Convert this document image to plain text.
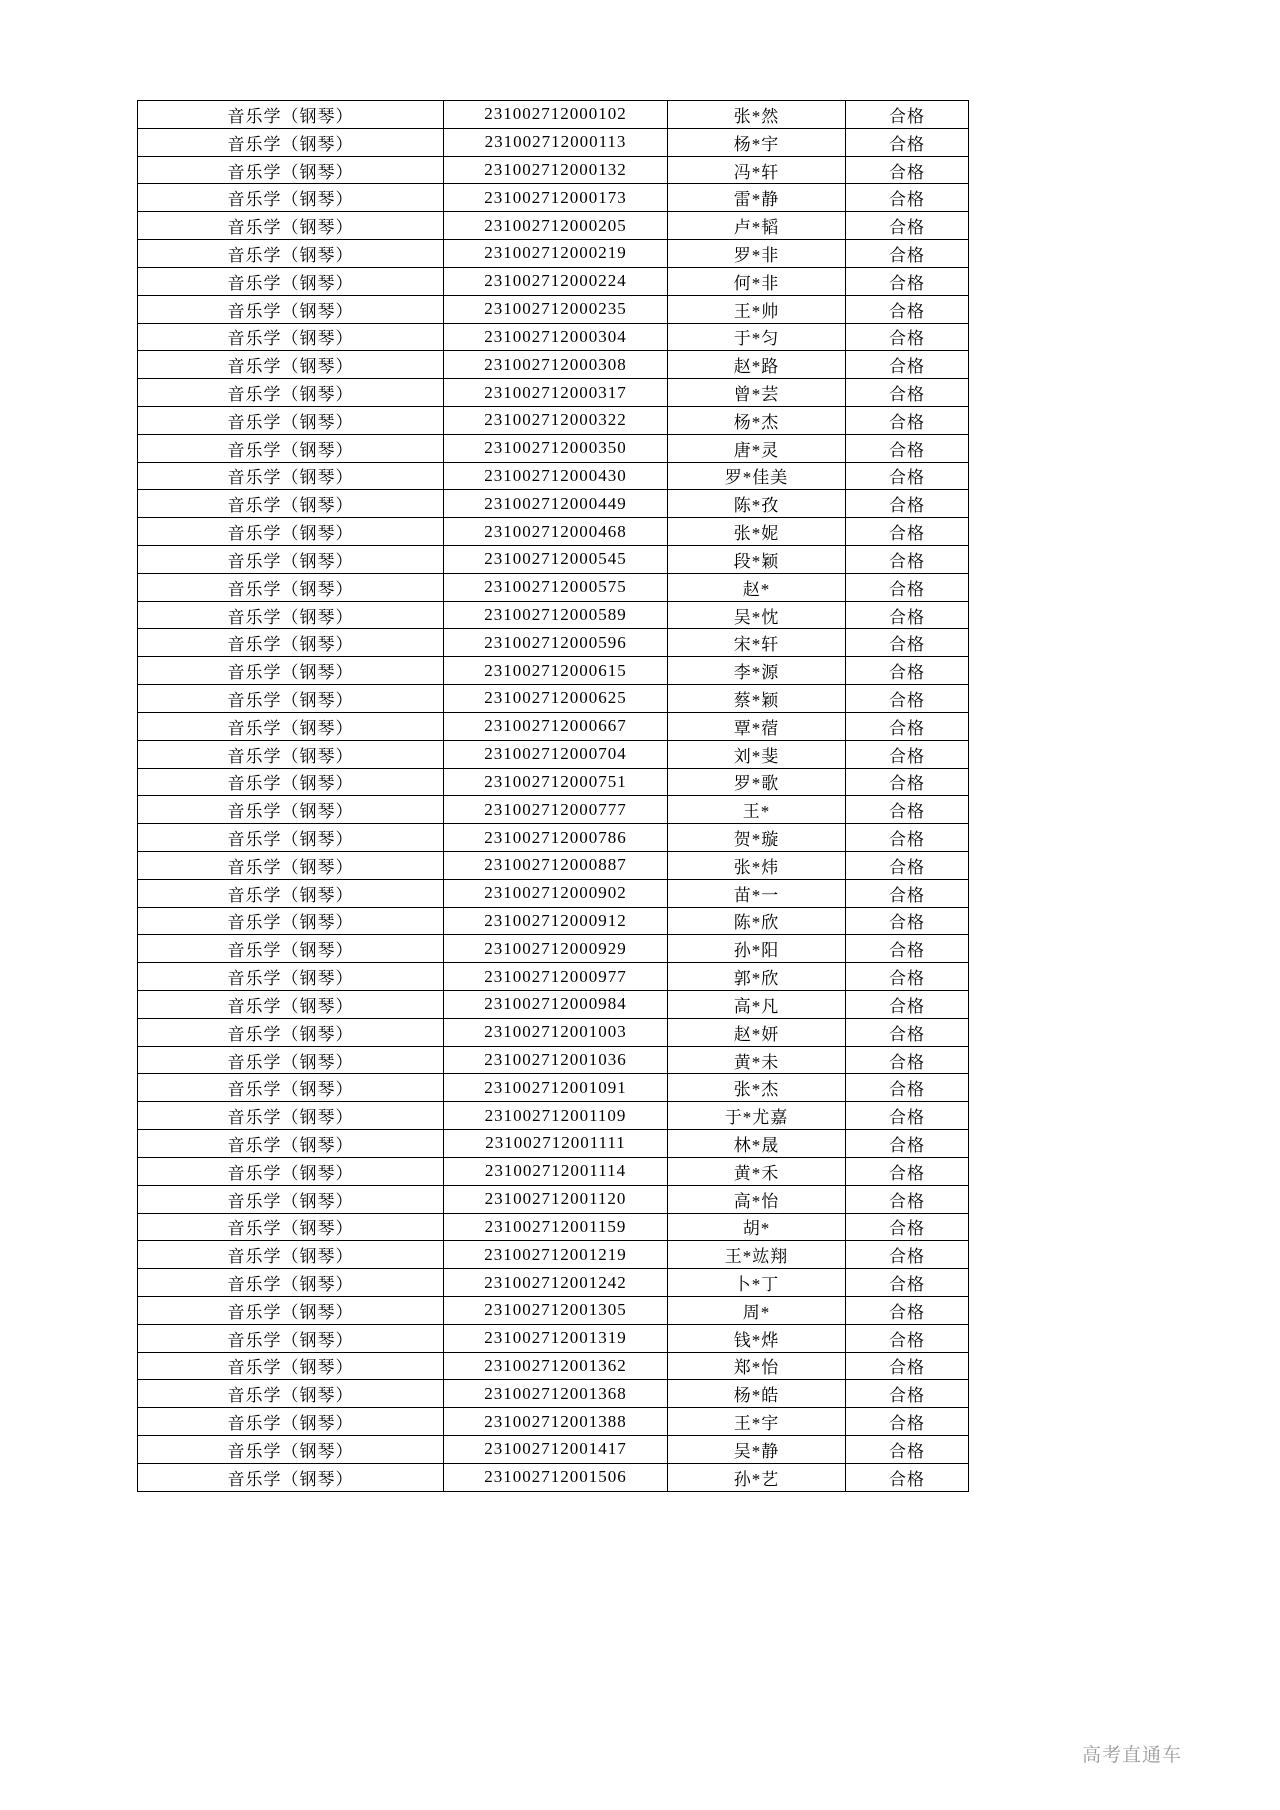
音乐学（钢琴）	231002712000102	张*然	合格
音乐学（钢琴）	231002712000113	杨*宇	合格
音乐学（钢琴）	231002712000132	冯*轩	合格
音乐学（钢琴）	231002712000173	雷*静	合格
音乐学（钢琴）	231002712000205	卢*韬	合格
音乐学（钢琴）	231002712000219	罗*非	合格
音乐学（钢琴）	231002712000224	何*非	合格
音乐学（钢琴）	231002712000235	王*帅	合格
音乐学（钢琴）	231002712000304	于*匀	合格
音乐学（钢琴）	231002712000308	赵*路	合格
音乐学（钢琴）	231002712000317	曾*芸	合格
音乐学（钢琴）	231002712000322	杨*杰	合格
音乐学（钢琴）	231002712000350	唐*灵	合格
音乐学（钢琴）	231002712000430	罗*佳美	合格
音乐学（钢琴）	231002712000449	陈*孜	合格
音乐学（钢琴）	231002712000468	张*妮	合格
音乐学（钢琴）	231002712000545	段*颖	合格
音乐学（钢琴）	231002712000575	赵*	合格
音乐学（钢琴）	231002712000589	吴*忱	合格
音乐学（钢琴）	231002712000596	宋*轩	合格
音乐学（钢琴）	231002712000615	李*源	合格
音乐学（钢琴）	231002712000625	蔡*颖	合格
音乐学（钢琴）	231002712000667	覃*蓿	合格
音乐学（钢琴）	231002712000704	刘*斐	合格
音乐学（钢琴）	231002712000751	罗*歌	合格
音乐学（钢琴）	231002712000777	王*	合格
音乐学（钢琴）	231002712000786	贺*璇	合格
音乐学（钢琴）	231002712000887	张*炜	合格
音乐学（钢琴）	231002712000902	苗*一	合格
音乐学（钢琴）	231002712000912	陈*欣	合格
音乐学（钢琴）	231002712000929	孙*阳	合格
音乐学（钢琴）	231002712000977	郭*欣	合格
音乐学（钢琴）	231002712000984	高*凡	合格
音乐学（钢琴）	231002712001003	赵*妍	合格
音乐学（钢琴）	231002712001036	黄*未	合格
音乐学（钢琴）	231002712001091	张*杰	合格
音乐学（钢琴）	231002712001109	于*尤嘉	合格
音乐学（钢琴）	231002712001111	林*晟	合格
音乐学（钢琴）	231002712001114	黄*禾	合格
音乐学（钢琴）	231002712001120	高*怡	合格
音乐学（钢琴）	231002712001159	胡*	合格
音乐学（钢琴）	231002712001219	王*竑翔	合格
音乐学（钢琴）	231002712001242	卜*丁	合格
音乐学（钢琴）	231002712001305	周*	合格
音乐学（钢琴）	231002712001319	钱*烨	合格
音乐学（钢琴）	231002712001362	郑*怡	合格
音乐学（钢琴）	231002712001368	杨*皓	合格
音乐学（钢琴）	231002712001388	王*宇	合格
音乐学（钢琴）	231002712001417	吴*静	合格
音乐学（钢琴）	231002712001506	孙*艺	合格
高考直通车
